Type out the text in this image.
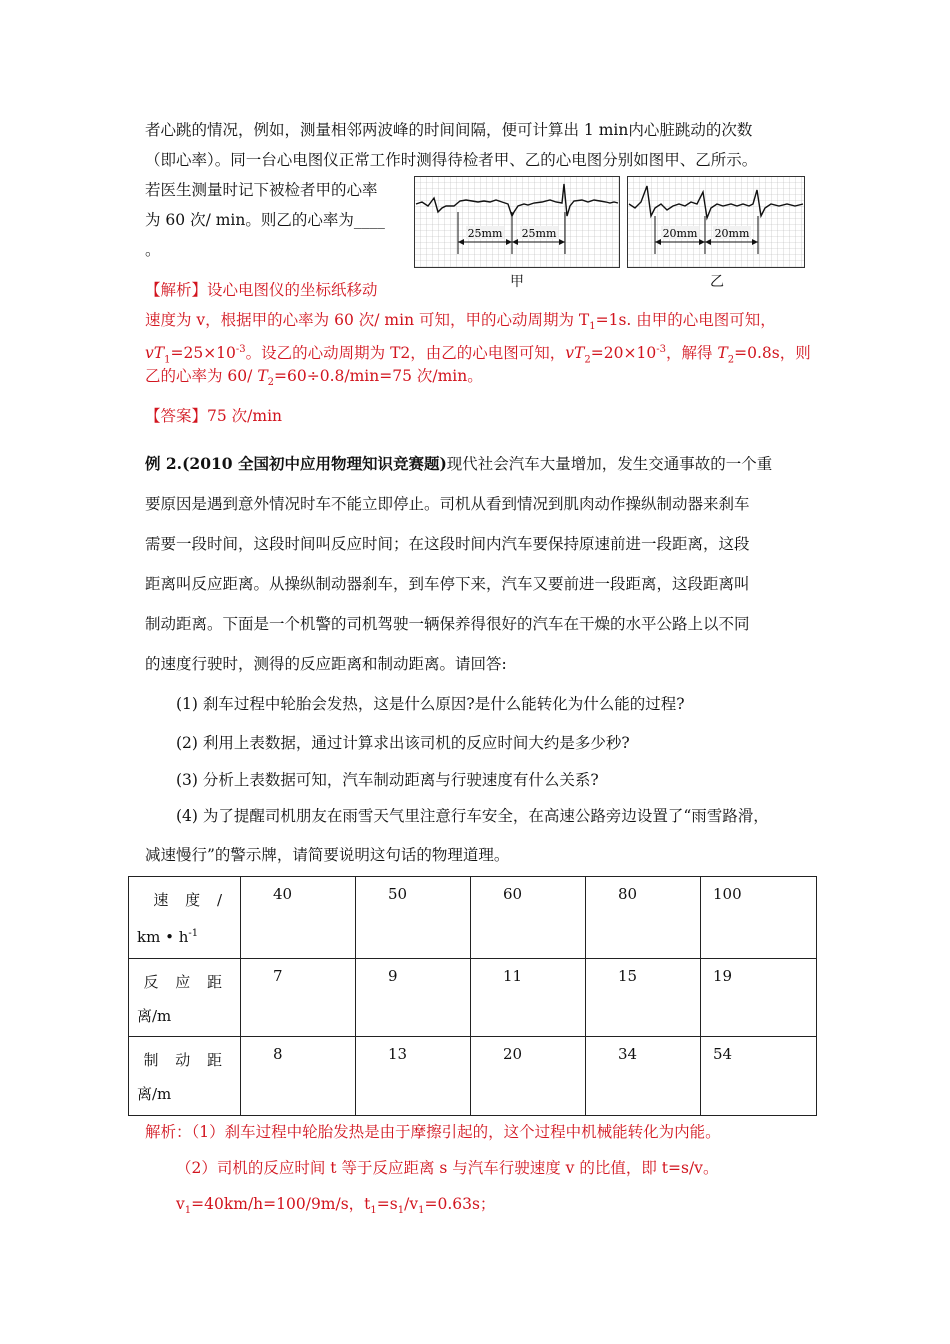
者心跳的情况，例如，测量相邻两波峰的时间间隔，便可计算出 1 min内心脏跳动的次数
（即心率）。同一台心电图仪正常工作时测得待检者甲、乙的心电图分别如图甲、乙所示。
若医生测量时记下被检者甲的心率
为 60 次/ min。则乙的心率为____
。
25mm 25mm
甲
20mm 20mm
乙
【解析】设心电图仪的坐标纸移动
速度为 v，根据甲的心率为 60 次/ min 可知，甲的心动周期为 $T_1=1s$. 由甲的心电图可知，
$vT_1=25\times 10^{-3}$。设乙的心动周期为 T2，由乙的心电图可知，$vT_2=20\times 10^{-3}$，解得 $T_2=0.8s$，则
乙的心率为 60/ $T_2=60\div 0.8/\min=75$ 次/min。
【答案】75 次/min
例 2.(2010 全国初中应用物理知识竞赛题)现代社会汽车大量增加，发生交通事故的一个重
要原因是遇到意外情况时车不能立即停止。司机从看到情况到肌肉动作操纵制动器来刹车
需要一段时间，这段时间叫反应时间；在这段时间内汽车要保持原速前进一段距离，这段
距离叫反应距离。从操纵制动器刹车，到车停下来，汽车又要前进一段距离，这段距离叫
制动距离。下面是一个机警的司机驾驶一辆保养得很好的汽车在干燥的水平公路上以不同
的速度行驶时，测得的反应距离和制动距离。请回答:
(1) 刹车过程中轮胎会发热，这是什么原因?是什么能转化为什么能的过程?
(2) 利用上表数据，通过计算求出该司机的反应时间大约是多少秒?
(3) 分析上表数据可知，汽车制动距离与行驶速度有什么关系?
(4) 为了提醒司机朋友在雨雪天气里注意行车安全，在高速公路旁边设置了“雨雪路滑，
减速慢行”的警示牌，请简要说明这句话的物理道理。
速 度 /
km • $h^{-1}$	40	50	60	80	100

反 应 距
离/m	7	9	11	15	19

制 动 距
离/m	8	13	20	34	54
解析：（1）刹车过程中轮胎发热是由于摩擦引起的，这个过程中机械能转化为内能。
（2）司机的反应时间 t 等于反应距离 s 与汽车行驶速度 v 的比值，即 t=s/v。
$v_1=40km/h=100/9m/s$，$t_1=s_1/v_1=0.63s$；
